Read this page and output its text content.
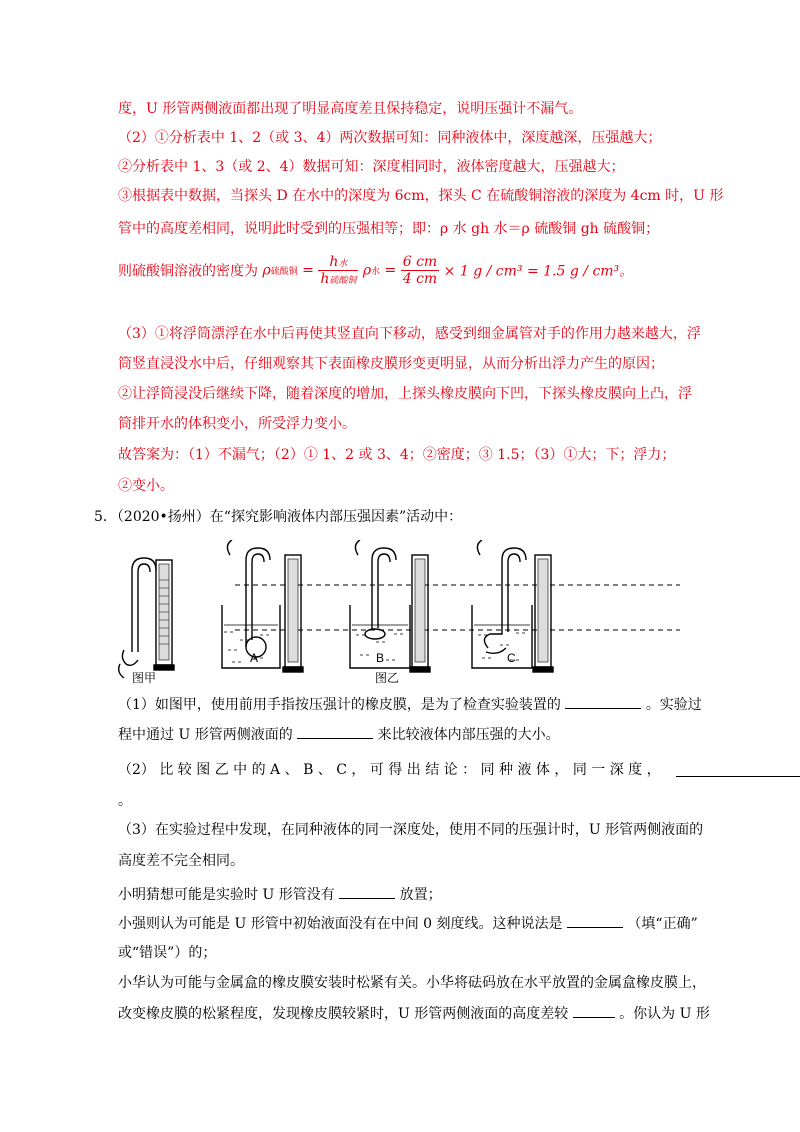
度，U 形管两侧液面都出现了明显高度差且保持稳定，说明压强计不漏气。
（2）①分析表中 1、2（或 3、4）两次数据可知：同种液体中，深度越深，压强越大；
②分析表中 1、3（或 2、4）数据可知：深度相同时，液体密度越大，压强越大；
③根据表中数据，当探头 D 在水中的深度为 6cm，探头 C 在硫酸铜溶液的深度为 4cm 时，U 形
管中的高度差相同，说明此时受到的压强相等；即：ρ 水 gh 水＝ρ 硫酸铜 gh 硫酸铜；
则硫酸铜溶液的密度为 ρ硫酸铜 = $\frac{\text{h水}}{\text{h硫酸铜}}$ ρ水 = $\frac{6 cm}{4 cm} \times 1$ g / cm³ = 1.5 g / cm³。
（3）①将浮筒漂浮在水中后再使其竖直向下移动，感受到细金属管对手的作用力越来越大，浮
筒竖直浸没水中后，仔细观察其下表面橡皮膜形变更明显，从而分析出浮力产生的原因；
②让浮筒浸没后继续下降，随着深度的增加，上探头橡皮膜向下凹，下探头橡皮膜向上凸，浮
筒排开水的体积变小，所受浮力变小。
故答案为：（1）不漏气；（2）① 1、2 或 3、4；②密度；③ 1.5；（3）①大；下；浮力；
②变小。
5．（2020•扬州）在“探究影响液体内部压强因素”活动中：
图甲	图乙
A	B	C
（1）如图甲，使用前用手指按压强计的橡皮膜，是为了检查实验装置的	。实验过
程中通过 U 形管两侧液面的	来比较液体内部压强的大小。
（2） 比 较 图 乙 中 的 A 、 B 、 C ， 可 得 出 结 论 ： 同 种 液 体 ， 同 一 深 度 ，
。
（3）在实验过程中发现，在同种液体的同一深度处，使用不同的压强计时，U 形管两侧液面的
高度差不完全相同。
小明猜想可能是实验时 U 形管没有	放置；
小强则认为可能是 U 形管中初始液面没有在中间 0 刻度线。这种说法是	（填“正确”
或“错误”）的；
小华认为可能与金属盒的橡皮膜安装时松紧有关。小华将砝码放在水平放置的金属盒橡皮膜上，
改变橡皮膜的松紧程度，发现橡皮膜较紧时，U 形管两侧液面的高度差较	。你认为 U 形
